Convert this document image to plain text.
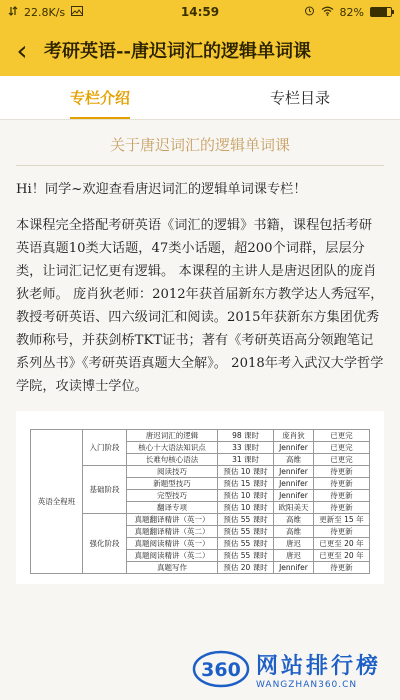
22.8K/s	14:59	82%
‹ 考研英语--唐迟词汇的逻辑单词课
专栏介绍	专栏目录
关于唐迟词汇的逻辑单词课

Hi！同学~欢迎查看唐迟词汇的逻辑单词课专栏！

本课程完全搭配考研英语《词汇的逻辑》书籍，课程包括考研英语真题10类大话题，47类小话题，超200个词群，层层分类，让词汇记忆更有逻辑。 本课程的主讲人是唐迟团队的庞肖狄老师。 庞肖狄老师：2012年获首届新东方教学达人秀冠军，教授考研英语、四六级词汇和阅读。2015年获新东方集团优秀教师称号，并获剑桥TKT证书；著有《考研英语高分领跑笔记系列丛书》《考研英语真题大全解》。 2018年考入武汉大学哲学学院，攻读博士学位。

英语全程班	入门阶段	唐迟词汇的逻辑	98 课时	庞肖狄	已更完
		核心十大语法知识点	33 课时	Jennifer	已更完
		长难句核心语法	31 课时	高维	已更完
	基础阶段	阅读技巧	预估 10 课时	Jennifer	待更新
		新题型技巧	预估 15 课时	Jennifer	待更新
		完型技巧	预估 10 课时	Jennifer	待更新
		翻译专项	预估 10 课时	欧阳美天	待更新
	强化阶段	真题翻译精讲（英一）	预估 55 课时	高维	更新至 15 年
		真题翻译精讲（英二）	预估 55 课时	高维	待更新
		真题阅读精讲（英一）	预估 55 课时	唐迟	已更至 20 年
		真题阅读精讲（英二）	预估 55 课时	唐迟	已更至 20 年
		真题写作	预估 20 课时	Jennifer	待更新
360 网站排行榜
WANGZHAN360.CN
